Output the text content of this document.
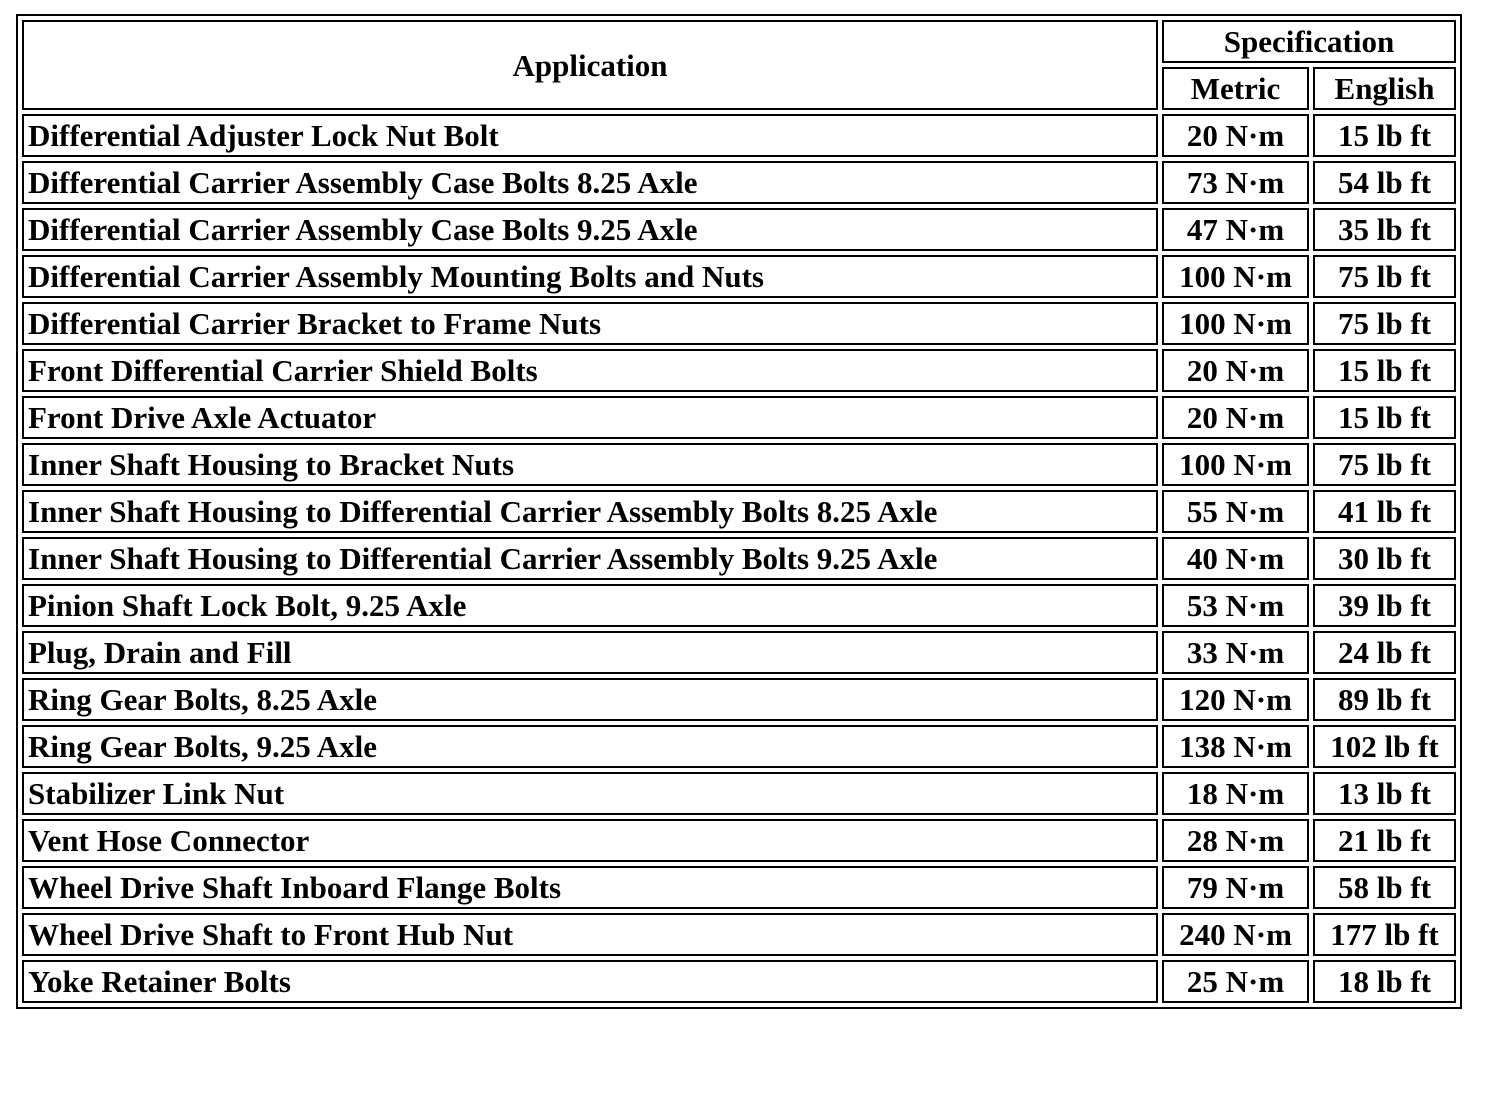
Application	Specification	
	Metric	English
Differential Adjuster Lock Nut Bolt	20 N·m	15 lb ft
Differential Carrier Assembly Case Bolts 8.25 Axle	73 N·m	54 lb ft
Differential Carrier Assembly Case Bolts 9.25 Axle	47 N·m	35 lb ft
Differential Carrier Assembly Mounting Bolts and Nuts	100 N·m	75 lb ft
Differential Carrier Bracket to Frame Nuts	100 N·m	75 lb ft
Front Differential Carrier Shield Bolts	20 N·m	15 lb ft
Front Drive Axle Actuator	20 N·m	15 lb ft
Inner Shaft Housing to Bracket Nuts	100 N·m	75 lb ft
Inner Shaft Housing to Differential Carrier Assembly Bolts 8.25 Axle	55 N·m	41 lb ft
Inner Shaft Housing to Differential Carrier Assembly Bolts 9.25 Axle	40 N·m	30 lb ft
Pinion Shaft Lock Bolt, 9.25 Axle	53 N·m	39 lb ft
Plug, Drain and Fill	33 N·m	24 lb ft
Ring Gear Bolts, 8.25 Axle	120 N·m	89 lb ft
Ring Gear Bolts, 9.25 Axle	138 N·m	102 lb ft
Stabilizer Link Nut	18 N·m	13 lb ft
Vent Hose Connector	28 N·m	21 lb ft
Wheel Drive Shaft Inboard Flange Bolts	79 N·m	58 lb ft
Wheel Drive Shaft to Front Hub Nut	240 N·m	177 lb ft
Yoke Retainer Bolts	25 N·m	18 lb ft
